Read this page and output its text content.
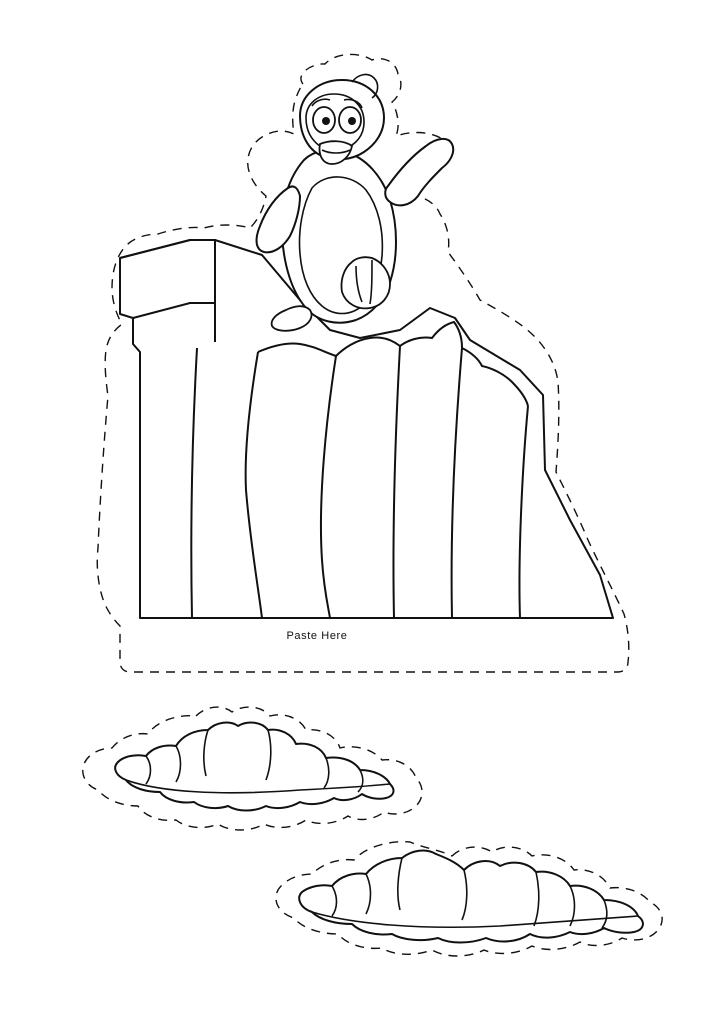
Paste Here
